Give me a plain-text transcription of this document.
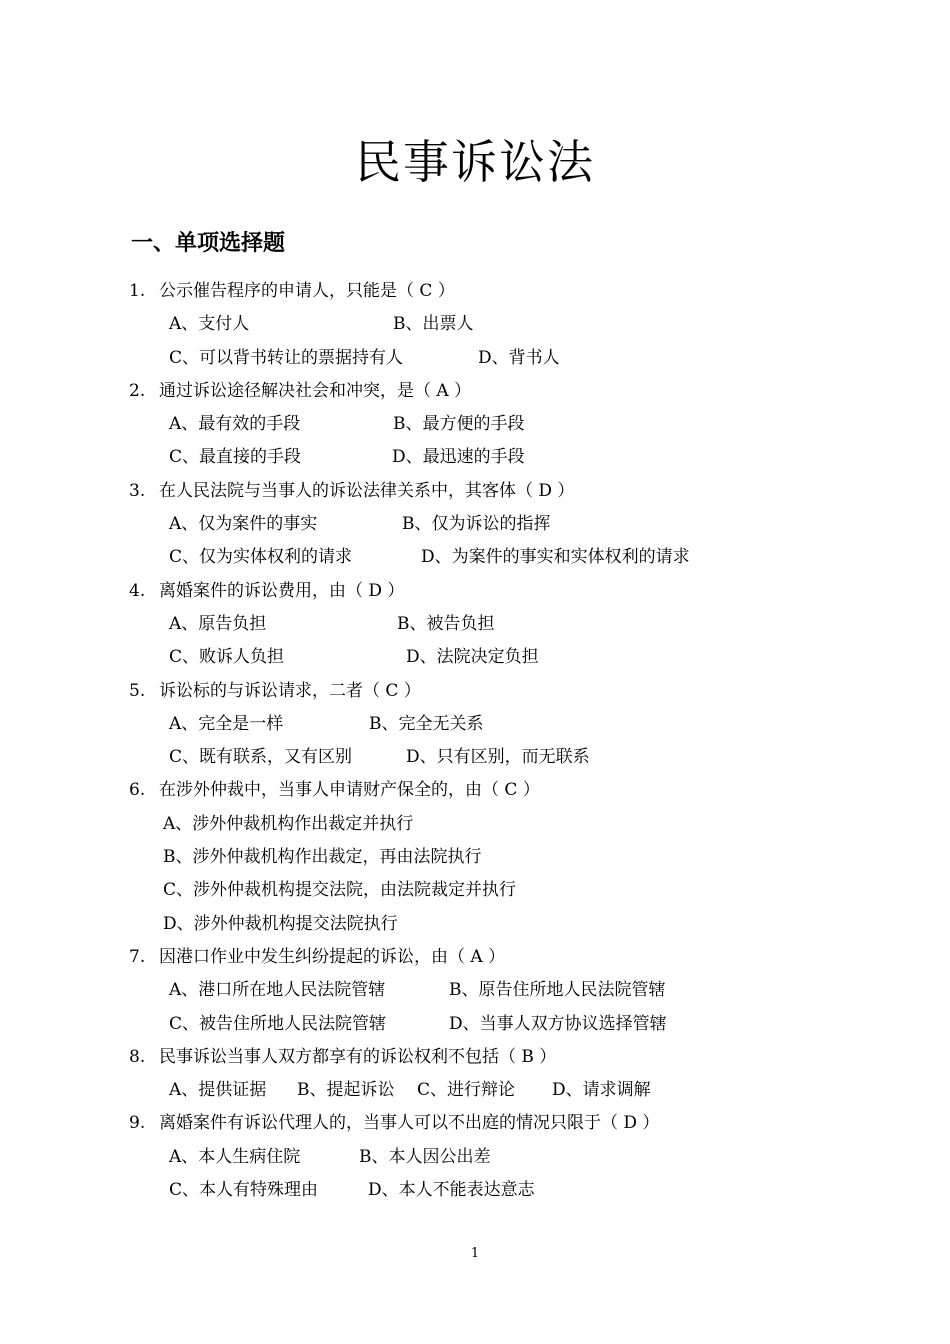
民事诉讼法
一、单项选择题
1. 公示催告程序的申请人，只能是（ C ）
A、支付人	B、出票人
C、可以背书转让的票据持有人	D、背书人
2. 通过诉讼途径解决社会和冲突，是（ A ）
A、最有效的手段	B、最方便的手段
C、最直接的手段	D、最迅速的手段
3. 在人民法院与当事人的诉讼法律关系中，其客体（ D ）
A、仅为案件的事实	B、仅为诉讼的指挥
C、仅为实体权利的请求	D、为案件的事实和实体权利的请求
4. 离婚案件的诉讼费用，由（ D ）
A、原告负担	B、被告负担
C、败诉人负担	D、法院决定负担
5. 诉讼标的与诉讼请求，二者（ C ）
A、完全是一样	B、完全无关系
C、既有联系，又有区别	D、只有区别，而无联系
6. 在涉外仲裁中，当事人申请财产保全的，由（ C ）
A、涉外仲裁机构作出裁定并执行
B、涉外仲裁机构作出裁定，再由法院执行
C、涉外仲裁机构提交法院，由法院裁定并执行
D、涉外仲裁机构提交法院执行
7. 因港口作业中发生纠纷提起的诉讼，由（ A ）
A、港口所在地人民法院管辖	B、原告住所地人民法院管辖
C、被告住所地人民法院管辖	D、当事人双方协议选择管辖
8. 民事诉讼当事人双方都享有的诉讼权利不包括（ B ）
A、提供证据 B、提起诉讼 C、进行辩论 D、请求调解
9. 离婚案件有诉讼代理人的，当事人可以不出庭的情况只限于（ D ）
A、本人生病住院	B、本人因公出差
C、本人有特殊理由	D、本人不能表达意志
1
